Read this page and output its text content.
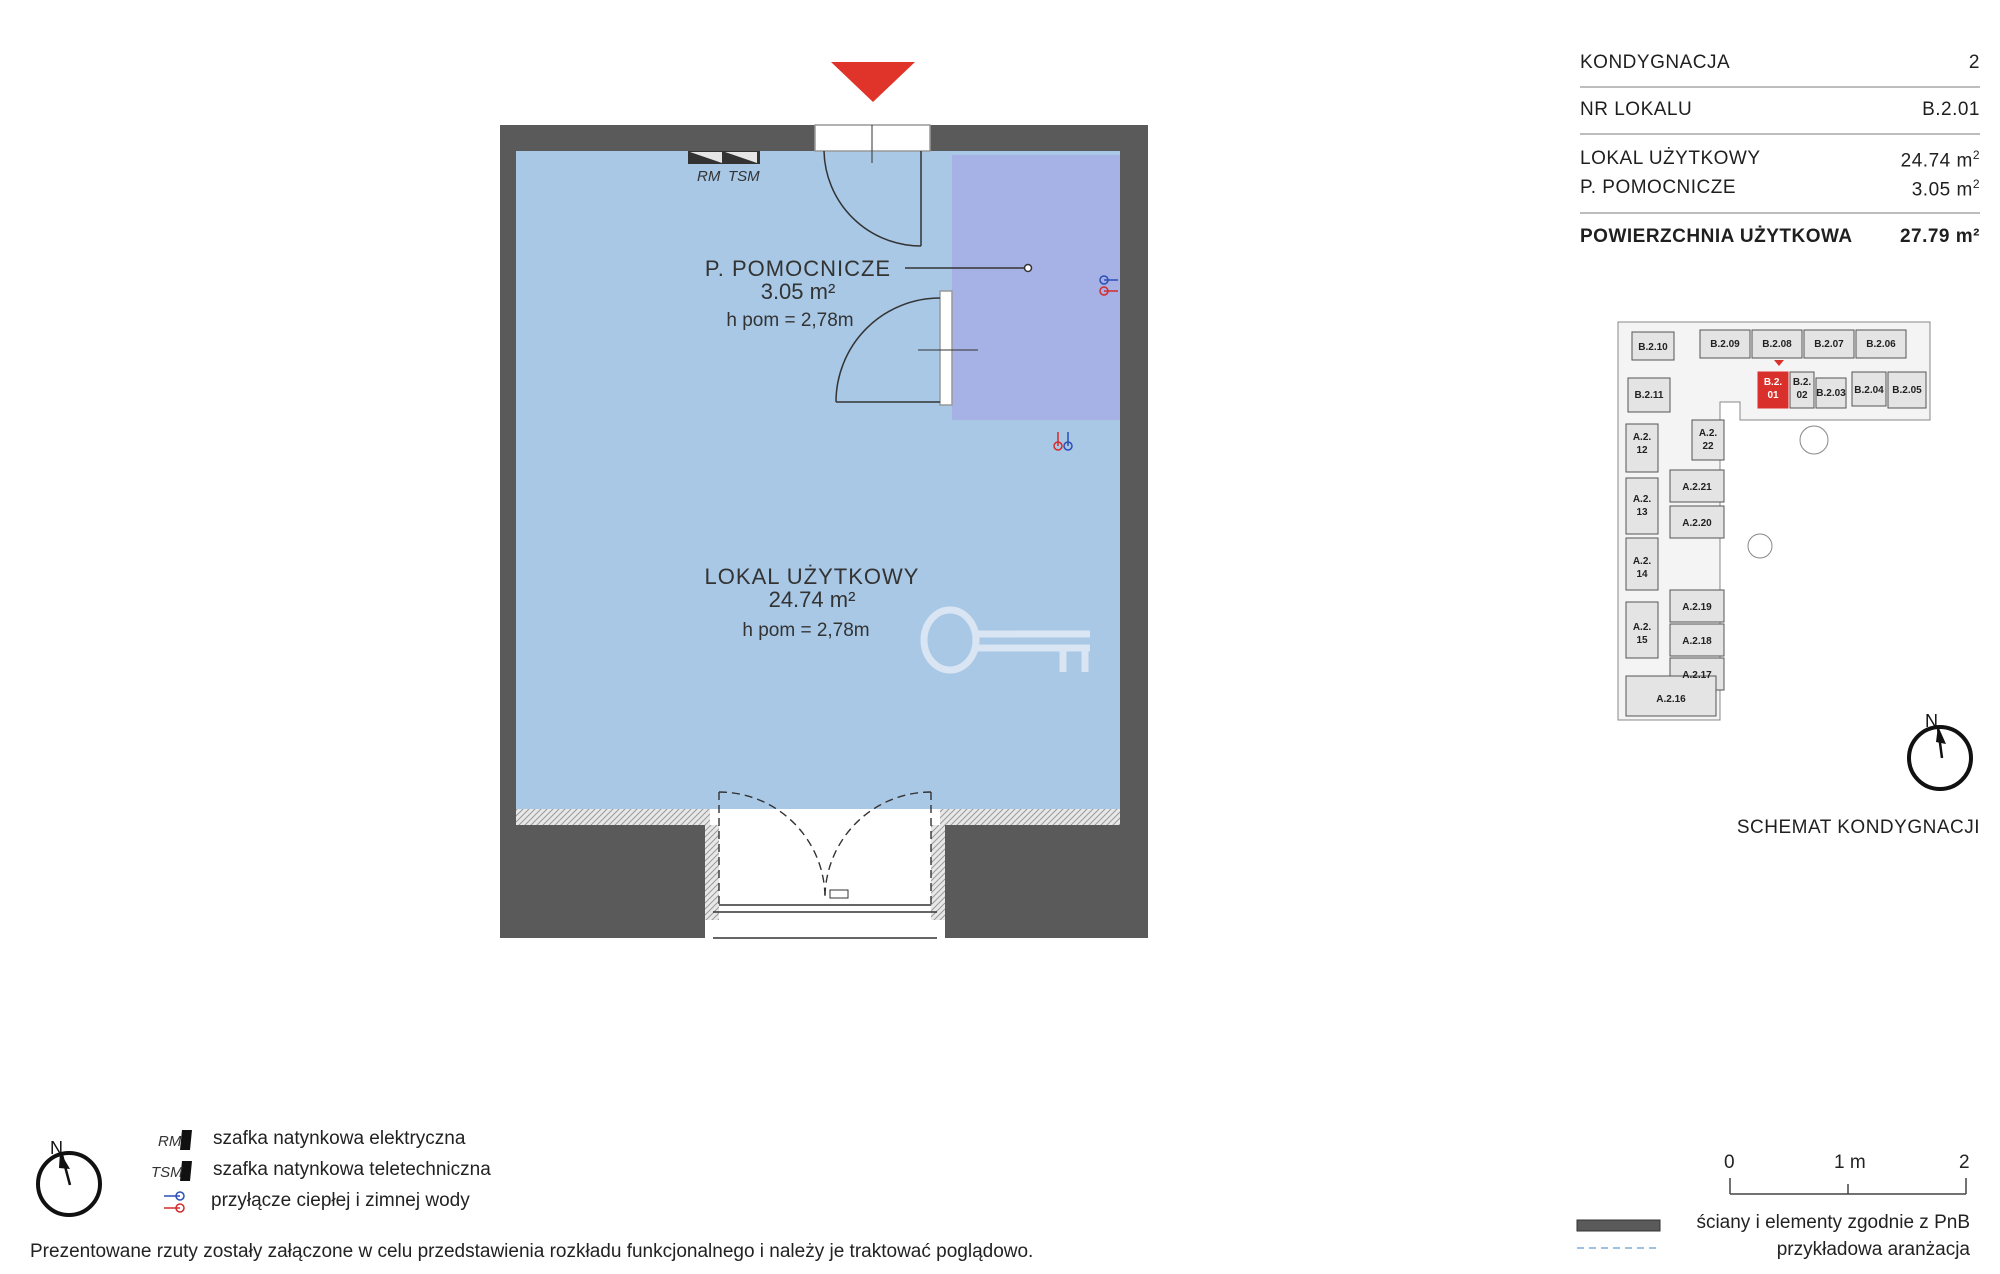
RM TSM
P. POMOCNICZE
3.05 m²
h pom = 2,78m
LOKAL UŻYTKOWY
24.74 m²
h pom = 2,78m
B.2.10	B.2.09 B.2.08 B.2.07 B.2.06
B.2.11
B.2.
01
B.2.
02 B.2.03 B.2.04 B.2.05
A.2.
12
A.2.
22
A.2.21
A.2.20
A.2.
13
A.2.
14
A.2.19
A.2.
15	A.2.18
A.2.17
A.2.16
N
N
KONDYGNACJA	2
NR LOKALU	B.2.01
LOKAL UŻYTKOWY	24.74 $m^2$
P. POMOCNICZE	3.05 $m^2$
POWIERZCHNIA UŻYTKOWA 27.79 m²
SCHEMAT KONDYGNACJI
RM
TSM
szafka natynkowa elektryczna
szafka natynkowa teletechniczna
przyłącze ciepłej i zimnej wody
Prezentowane rzuty zostały załączone w celu przedstawienia rozkładu funkcjonalnego i należy je traktować poglądowo.
0	1 m	2
ściany i elementy zgodnie z PnB
przykładowa aranżacja
